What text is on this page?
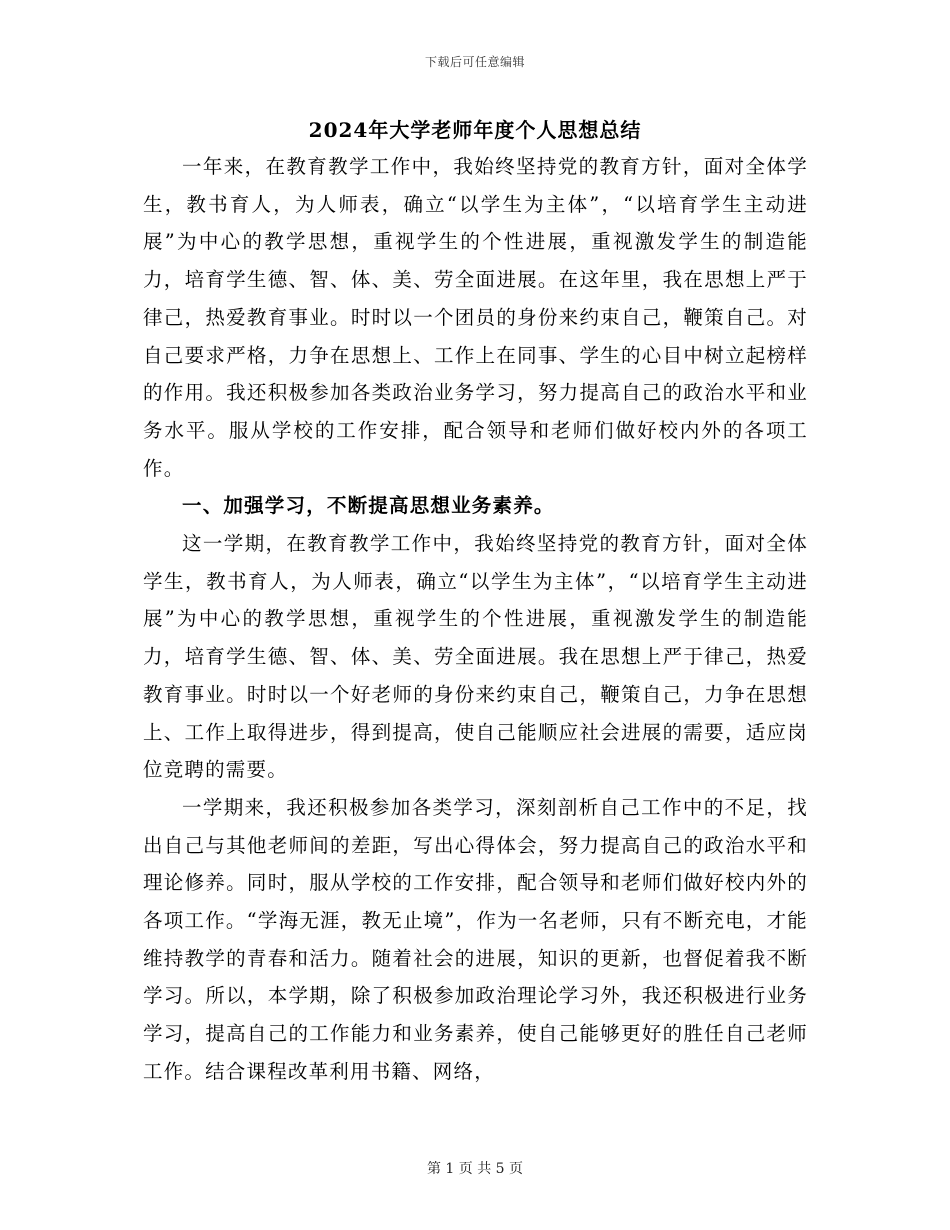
下载后可任意编辑
2024年大学老师年度个人思想总结

一年来，在教育教学工作中，我始终坚持党的教育方针，面对全体学生，教书育人，为人师表，确立“以学生为主体”，“以培育学生主动进展”为中心的教学思想，重视学生的个性进展，重视激发学生的制造能力，培育学生德、智、体、美、劳全面进展。在这年里，我在思想上严于律己，热爱教育事业。时时以一个团员的身份来约束自己，鞭策自己。对自己要求严格，力争在思想上、工作上在同事、学生的心目中树立起榜样的作用。我还积极参加各类政治业务学习，努力提高自己的政治水平和业务水平。服从学校的工作安排，配合领导和老师们做好校内外的各项工作。

一、加强学习，不断提高思想业务素养。

这一学期，在教育教学工作中，我始终坚持党的教育方针，面对全体学生，教书育人，为人师表，确立“以学生为主体”，“以培育学生主动进展”为中心的教学思想，重视学生的个性进展，重视激发学生的制造能力，培育学生德、智、体、美、劳全面进展。我在思想上严于律己，热爱教育事业。时时以一个好老师的身份来约束自己，鞭策自己，力争在思想上、工作上取得进步，得到提高，使自己能顺应社会进展的需要，适应岗位竞聘的需要。

一学期来，我还积极参加各类学习，深刻剖析自己工作中的不足，找出自己与其他老师间的差距，写出心得体会，努力提高自己的政治水平和理论修养。同时，服从学校的工作安排，配合领导和老师们做好校内外的各项工作。“学海无涯，教无止境”，作为一名老师，只有不断充电，才能维持教学的青春和活力。随着社会的进展，知识的更新，也督促着我不断学习。所以，本学期，除了积极参加政治理论学习外，我还积极进行业务学习，提高自己的工作能力和业务素养，使自己能够更好的胜任自己老师工作。结合课程改革利用书籍、网络，

第 1 页 共 5 页
